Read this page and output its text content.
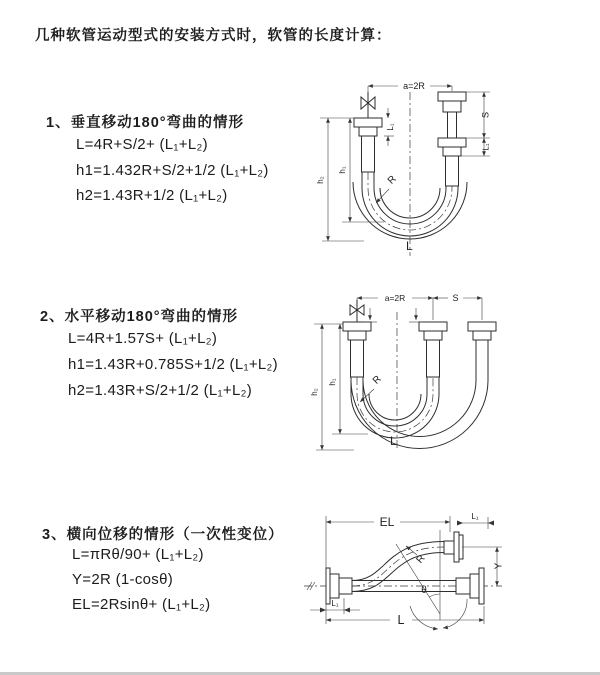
几种软管运动型式的安装方式时，软管的长度计算：
1、垂直移动180°弯曲的情形
L=4R+S/2+ (L₁+L₂)
h1=1.432R+S/2+1/2 (L₁+L₂)
h2=1.43R+1/2 (L₁+L₂)
2、水平移动180°弯曲的情形
L=4R+1.57S+ (L₁+L₂)
h1=1.43R+0.785S+1/2 (L₁+L₂)
h2=1.43R+S/2+1/2 (L₁+L₂)
3、横向位移的情形（一次性变位）
L=πRθ/90+ (L₁+L₂)
Y=2R (1-cosθ)
EL=2Rsinθ+ (L₁+L₂)
a=2R
h₁
h₂
S
L₁
L₁
R
L
a=2R	S
h₁
h₂
R
L
EL	L₁
Y
θ
R
L₁
L
